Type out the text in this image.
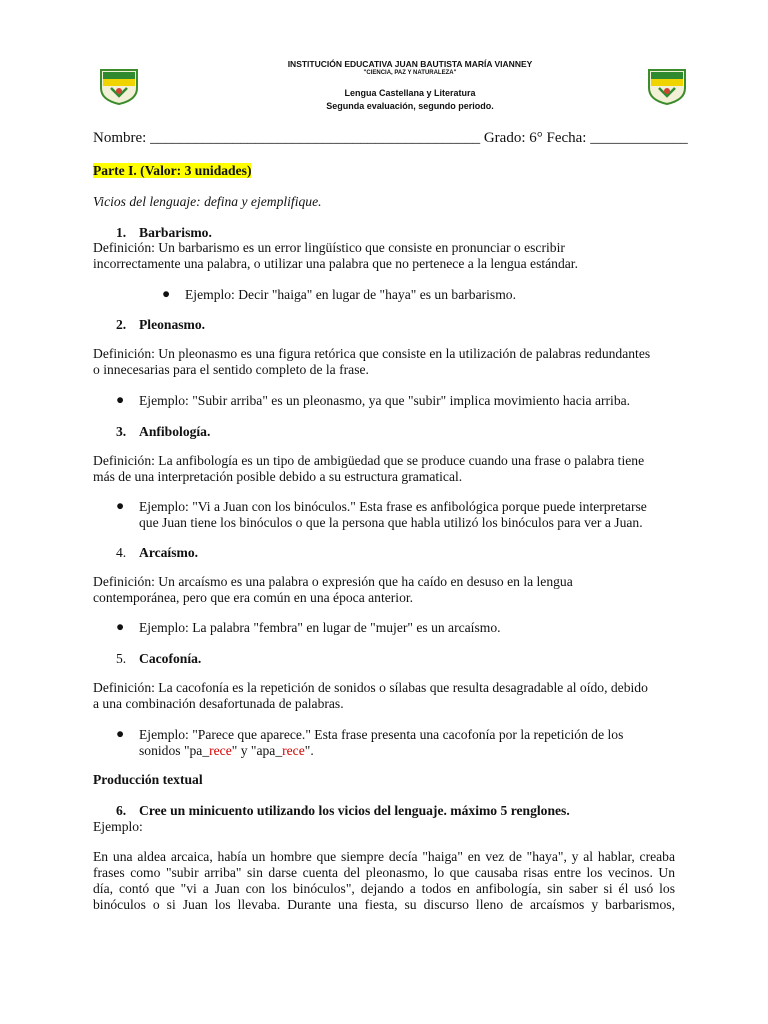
INSTITUCIÓN EDUCATIVA JUAN BAUTISTA MARÍA VIANNEY
"CIENCIA, PAZ Y NATURALEZA"
Lengua Castellana y Literatura
Segunda evaluación, segundo periodo.
Nombre: ____________________________________________ Grado: 6° Fecha: _____________
Parte I. (Valor: 3 unidades)
Vicios del lenguaje: defina y ejemplifique.
1. Barbarismo.
Definición: Un barbarismo es un error lingüístico que consiste en pronunciar o escribir
incorrectamente una palabra, o utilizar una palabra que no pertenece a la lengua estándar.
● Ejemplo: Decir "haiga" en lugar de "haya" es un barbarismo.
2. Pleonasmo.
Definición: Un pleonasmo es una figura retórica que consiste en la utilización de palabras redundantes
o innecesarias para el sentido completo de la frase.
● Ejemplo: "Subir arriba" es un pleonasmo, ya que "subir" implica movimiento hacia arriba.
3. Anfibología.
Definición: La anfibología es un tipo de ambigüedad que se produce cuando una frase o palabra tiene
más de una interpretación posible debido a su estructura gramatical.
● Ejemplo: "Vi a Juan con los binóculos." Esta frase es anfibológica porque puede interpretarse
que Juan tiene los binóculos o que la persona que habla utilizó los binóculos para ver a Juan.
4. Arcaísmo.
Definición: Un arcaísmo es una palabra o expresión que ha caído en desuso en la lengua
contemporánea, pero que era común en una época anterior.
● Ejemplo: La palabra "fembra" en lugar de "mujer" es un arcaísmo.
5. Cacofonía.
Definición: La cacofonía es la repetición de sonidos o sílabas que resulta desagradable al oído, debido
a una combinación desafortunada de palabras.
● Ejemplo: "Parece que aparece." Esta frase presenta una cacofonía por la repetición de los
sonidos "pa_rece" y "apa_rece".
Producción textual
6. Cree un minicuento utilizando los vicios del lenguaje. máximo 5 renglones.
Ejemplo:
En una aldea arcaica, había un hombre que siempre decía "haiga" en vez de "haya", y al hablar, creaba
frases como "subir arriba" sin darse cuenta del pleonasmo, lo que causaba risas entre los vecinos. Un
día, contó que "vi a Juan con los binóculos", dejando a todos en anfibología, sin saber si él usó los
binóculos o si Juan los llevaba. Durante una fiesta, su discurso lleno de arcaísmos y barbarismos,
